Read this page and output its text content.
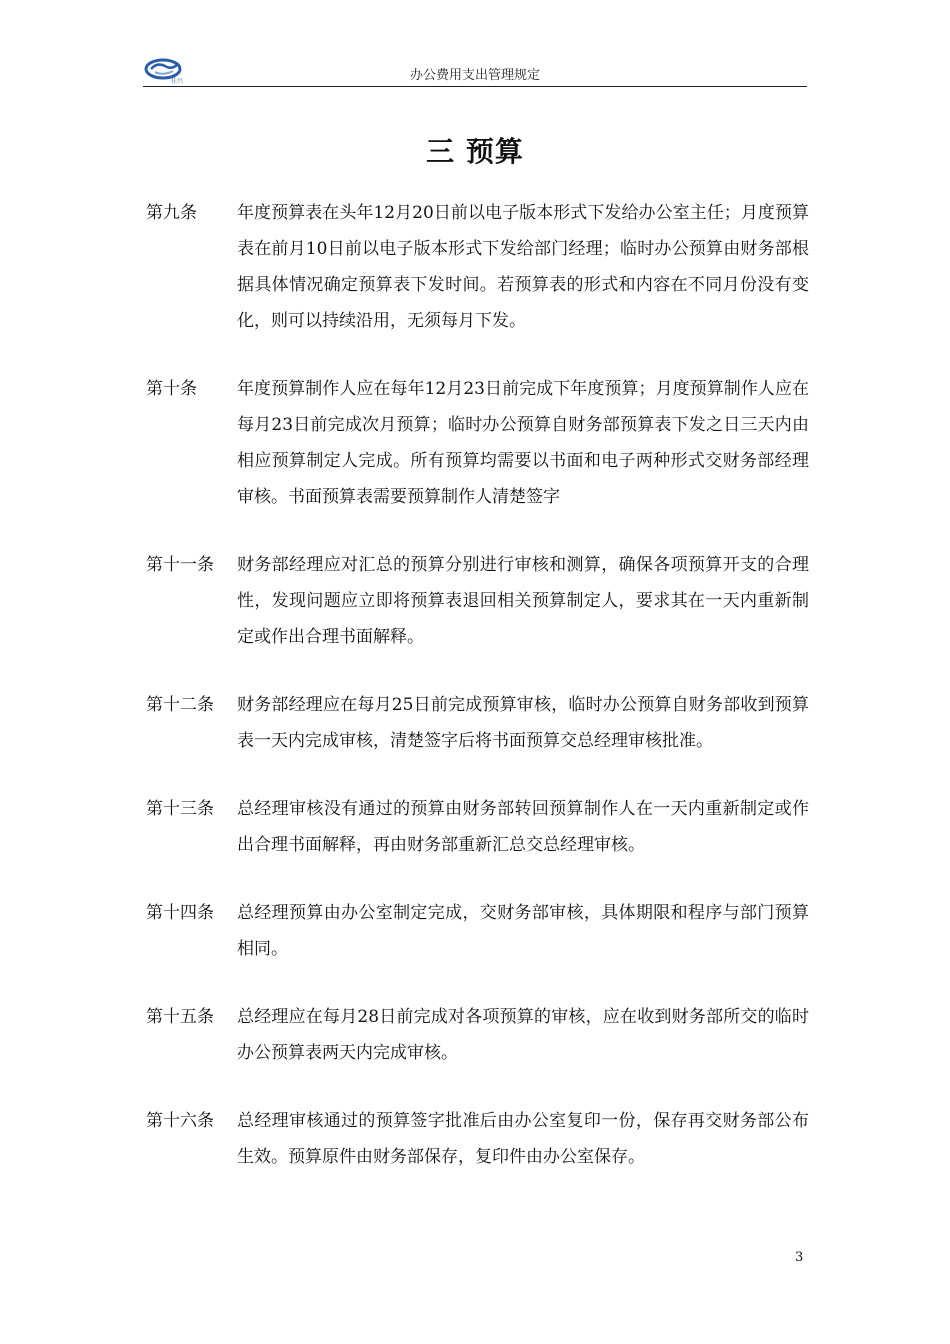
佳兴	办公费用支出管理规定
三 预算
第九条	年度预算表在头年12月20日前以电子版本形式下发给办公室主任；月度预算表在前月10日前以电子版本形式下发给部门经理；临时办公预算由财务部根据具体情况确定预算表下发时间。若预算表的形式和内容在不同月份没有变化，则可以持续沿用，无须每月下发。
第十条	年度预算制作人应在每年12月23日前完成下年度预算；月度预算制作人应在每月23日前完成次月预算；临时办公预算自财务部预算表下发之日三天内由相应预算制定人完成。所有预算均需要以书面和电子两种形式交财务部经理审核。书面预算表需要预算制作人清楚签字
第十一条	财务部经理应对汇总的预算分别进行审核和测算，确保各项预算开支的合理性，发现问题应立即将预算表退回相关预算制定人，要求其在一天内重新制定或作出合理书面解释。
第十二条	财务部经理应在每月25日前完成预算审核，临时办公预算自财务部收到预算表一天内完成审核，清楚签字后将书面预算交总经理审核批准。
第十三条	总经理审核没有通过的预算由财务部转回预算制作人在一天内重新制定或作出合理书面解释，再由财务部重新汇总交总经理审核。
第十四条	总经理预算由办公室制定完成，交财务部审核，具体期限和程序与部门预算相同。
第十五条	总经理应在每月28日前完成对各项预算的审核，应在收到财务部所交的临时办公预算表两天内完成审核。
第十六条	总经理审核通过的预算签字批准后由办公室复印一份，保存再交财务部公布生效。预算原件由财务部保存，复印件由办公室保存。
3
